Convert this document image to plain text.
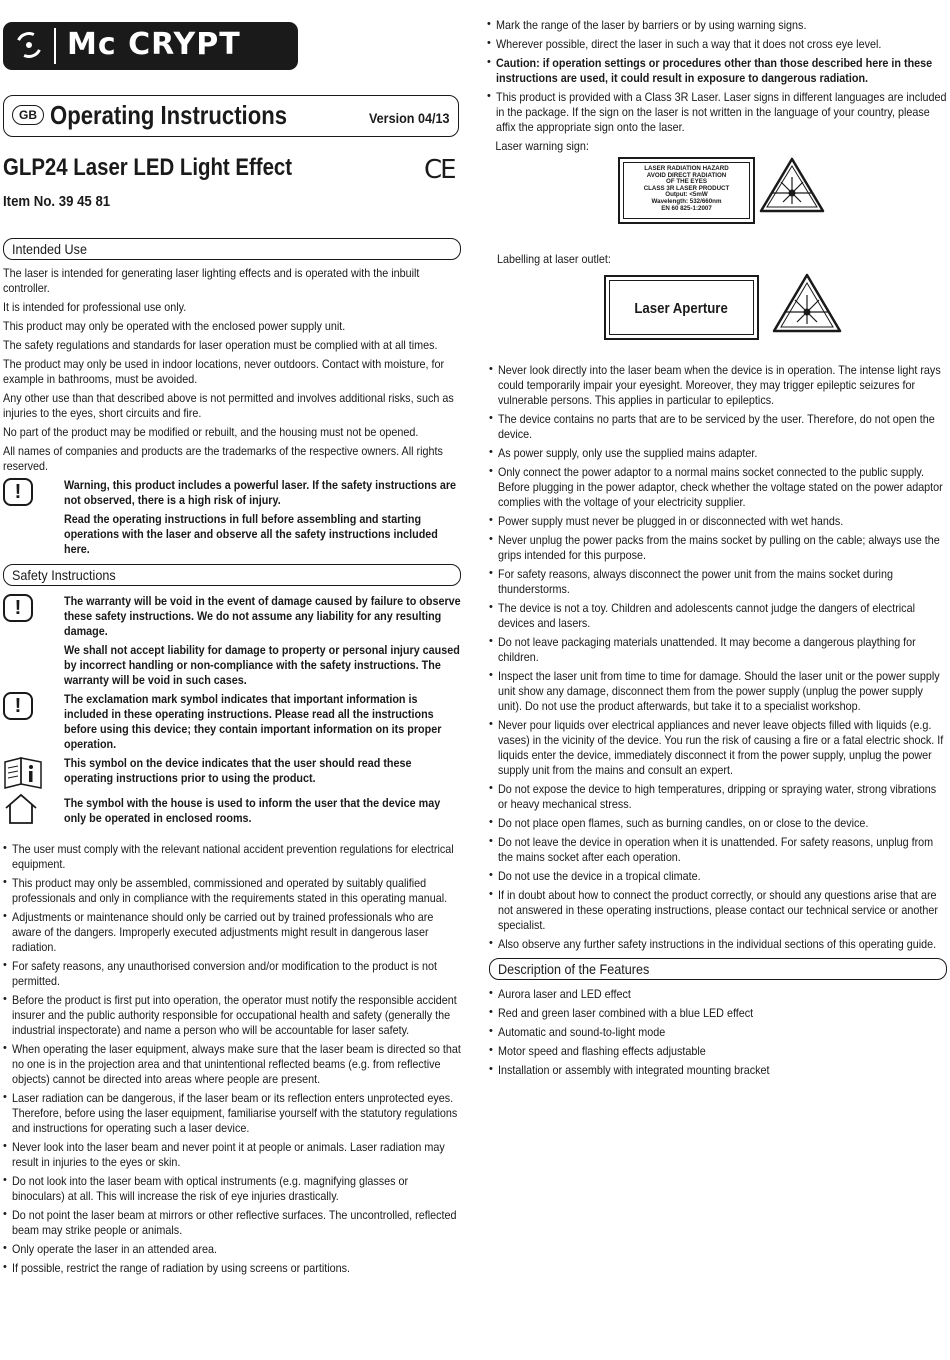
Mc CRYPT
GB Operating Instructions	Version 04/13
GLP24 Laser LED Light Effect	CE
Item No. 39 45 81
Intended Use

The laser is intended for generating laser lighting effects and is operated with the inbuilt controller.

It is intended for professional use only.

This product may only be operated with the enclosed power supply unit.

The safety regulations and standards for laser operation must be complied with at all times.

The product may only be used in indoor locations, never outdoors. Contact with moisture, for example in bathrooms, must be avoided.

Any other use than that described above is not permitted and involves additional risks, such as injuries to the eyes, short circuits and fire.

No part of the product may be modified or rebuilt, and the housing must not be opened.

All names of companies and products are the trademarks of the respective owners. All rights reserved.

!	Warning, this product includes a powerful laser. If the safety instructions are not observed, there is a high risk of injury.

Read the operating instructions in full before assembling and starting operations with the laser and observe all the safety instructions included here.

Safety Instructions
!	The warranty will be void in the event of damage caused by failure to observe these safety instructions. We do not assume any liability for any resulting damage.

We shall not accept liability for damage to property or personal injury caused by incorrect handling or non-compliance with the safety instructions. The warranty will be void in such cases.

!	The exclamation mark symbol indicates that important information is included in these operating instructions. Please read all the instructions before using this device; they contain important information on its proper operation.

This symbol on the device indicates that the user should read these operating instructions prior to using the product.

The symbol with the house is used to inform the user that the device may only be operated in enclosed rooms.

• The user must comply with the relevant national accident prevention regulations for electrical equipment.

• This product may only be assembled, commissioned and operated by suitably qualified professionals and only in compliance with the requirements stated in this operating manual.

• Adjustments or maintenance should only be carried out by trained professionals who are aware of the dangers. Improperly executed adjustments might result in dangerous laser radiation.

• For safety reasons, any unauthorised conversion and/or modification to the product is not permitted.

• Before the product is first put into operation, the operator must notify the responsible accident insurer and the public authority responsible for occupational health and safety (generally the industrial inspectorate) and name a person who will be accountable for laser safety.

• When operating the laser equipment, always make sure that the laser beam is directed so that no one is in the projection area and that unintentional reflected beams (e.g. from reflective objects) cannot be directed into areas where people are present.

• Laser radiation can be dangerous, if the laser beam or its reflection enters unprotected eyes. Therefore, before using the laser equipment, familiarise yourself with the statutory regulations and instructions for operating such a laser device.

• Never look into the laser beam and never point it at people or animals. Laser radiation may result in injuries to the eyes or skin.

• Do not look into the laser beam with optical instruments (e.g. magnifying glasses or binoculars) at all. This will increase the risk of eye injuries drastically.

• Do not point the laser beam at mirrors or other reflective surfaces. The uncontrolled, reflected beam may strike people or animals.

• Only operate the laser in an attended area.

• If possible, restrict the range of radiation by using screens or partitions.

• Mark the range of the laser by barriers or by using warning signs.

• Wherever possible, direct the laser in such a way that it does not cross eye level.

• Caution: if operation settings or procedures other than those described here in these instructions are used, it could result in exposure to dangerous radiation.

• This product is provided with a Class 3R Laser. Laser signs in different languages are included in the package. If the sign on the laser is not written in the language of your country, please affix the appropriate sign onto the laser.

Laser warning sign:

LASER RADIATION HAZARD
AVOID DIRECT RADIATION
OF THE EYES
CLASS 3R LASER PRODUCT
Output: <5mW
Wavelength: 532/660nm
EN 60 825-1:2007

Labelling at laser outlet:

Laser Aperture

• Never look directly into the laser beam when the device is in operation. The intense light rays could temporarily impair your eyesight. Moreover, they may trigger epileptic seizures for vulnerable persons. This applies in particular to epileptics.

• The device contains no parts that are to be serviced by the user. Therefore, do not open the device.

• As power supply, only use the supplied mains adapter.

• Only connect the power adaptor to a normal mains socket connected to the public supply. Before plugging in the power adaptor, check whether the voltage stated on the power adaptor complies with the voltage of your electricity supplier.

• Power supply must never be plugged in or disconnected with wet hands.

• Never unplug the power packs from the mains socket by pulling on the cable; always use the grips intended for this purpose.

• For safety reasons, always disconnect the power unit from the mains socket during thunderstorms.

• The device is not a toy. Children and adolescents cannot judge the dangers of electrical devices and lasers.

• Do not leave packaging materials unattended. It may become a dangerous plaything for children.

• Inspect the laser unit from time to time for damage. Should the laser unit or the power supply unit show any damage, disconnect them from the power supply (unplug the power supply unit). Do not use the product afterwards, but take it to a specialist workshop.

• Never pour liquids over electrical appliances and never leave objects filled with liquids (e.g. vases) in the vicinity of the device. You run the risk of causing a fire or a fatal electric shock. If liquids enter the device, immediately disconnect it from the power supply, unplug the power supply unit from the mains and consult an expert.

• Do not expose the device to high temperatures, dripping or spraying water, strong vibrations or heavy mechanical stress.

• Do not place open flames, such as burning candles, on or close to the device.

• Do not leave the device in operation when it is unattended. For safety reasons, unplug from the mains socket after each operation.

• Do not use the device in a tropical climate.

• If in doubt about how to connect the product correctly, or should any questions arise that are not answered in these operating instructions, please contact our technical service or another specialist.

• Also observe any further safety instructions in the individual sections of this operating guide.

Description of the Features

• Aurora laser and LED effect

• Red and green laser combined with a blue LED effect

• Automatic and sound-to-light mode

• Motor speed and flashing effects adjustable

• Installation or assembly with integrated mounting bracket
